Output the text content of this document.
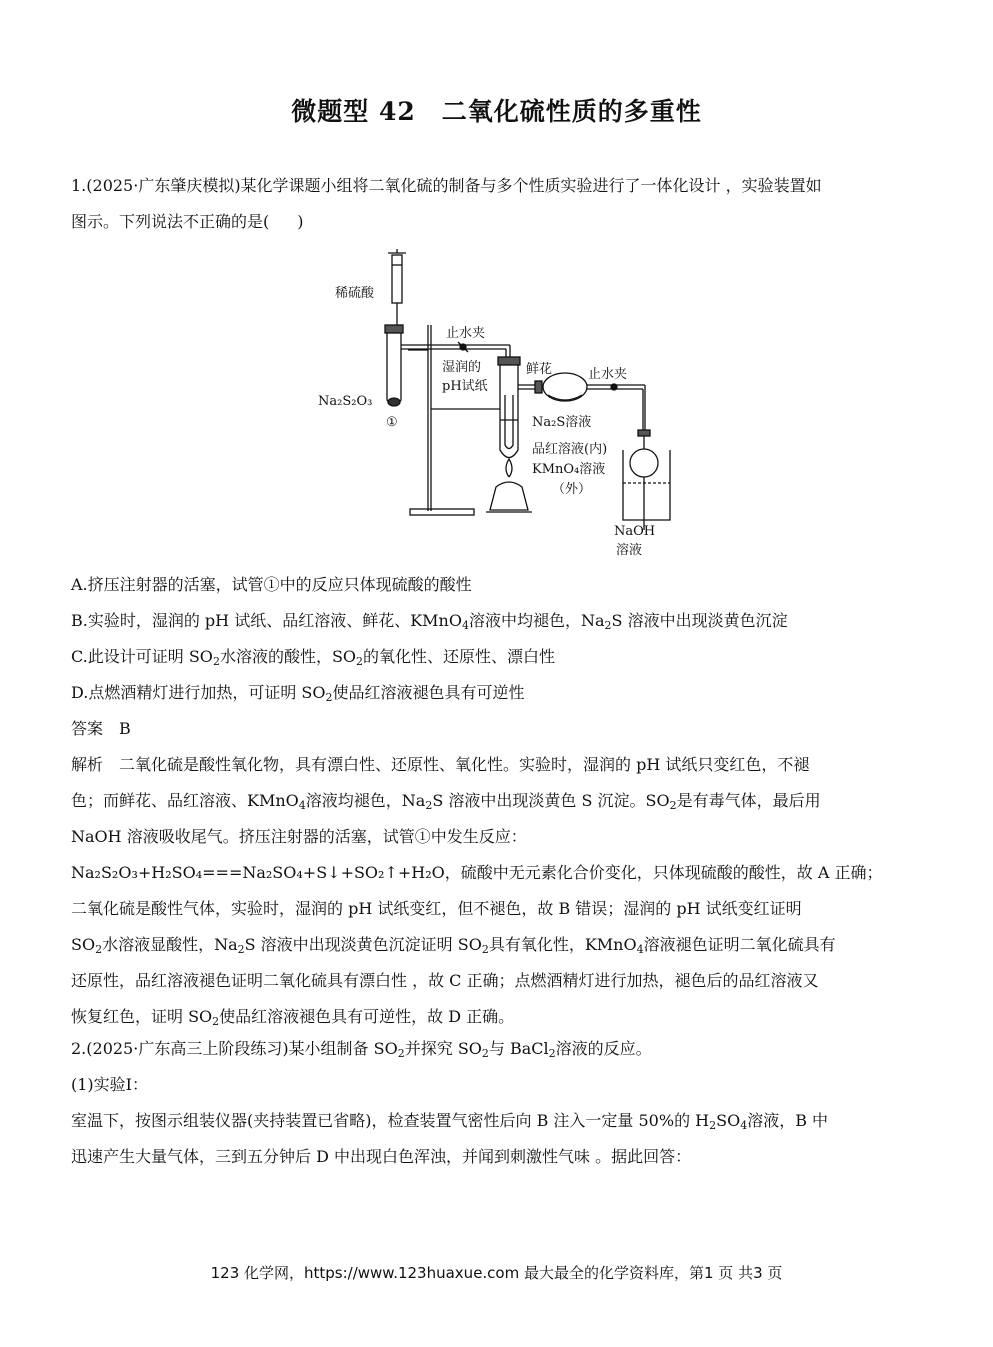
微题型 42　二氧化硫性质的多重性
1.(2025·广东肇庆模拟)某化学课题小组将二氧化硫的制备与多个性质实验进行了一体化设计 ，实验装置如
图示。下列说法不正确的是( )
稀硫酸
止水夹
湿润的
pH试纸
鲜花	止水夹
Na₂S₂O₃
①	Na₂S溶液
品红溶液(内)
KMnO₄溶液
（外）
NaOH
溶液
A.挤压注射器的活塞，试管①中的反应只体现硫酸的酸性
B.实验时，湿润的 pH 试纸、品红溶液、鲜花、KMnO$_4$溶液中均褪色，$Na_2S$ 溶液中出现淡黄色沉淀
C.此设计可证明 $SO_2$水溶液的酸性，$SO_2$的氧化性、还原性、漂白性
D.点燃酒精灯进行加热，可证明 $SO_2$使品红溶液褪色具有可逆性
答案　B
解析　二氧化硫是酸性氧化物，具有漂白性、还原性、氧化性。实验时，湿润的 pH 试纸只变红色，不褪
色；而鲜花、品红溶液、KMnO$_4$溶液均褪色，$Na_2S$ 溶液中出现淡黄色 S 沉淀。$SO_2$是有毒气体，最后用
NaOH 溶液吸收尾气。挤压注射器的活塞，试管①中发生反应：
Na₂S₂O₃+H₂SO₄===Na₂SO₄+S↓+SO₂↑+H₂O，硫酸中无元素化合价变化，只体现硫酸的酸性，故 A 正确；
二氧化硫是酸性气体，实验时，湿润的 pH 试纸变红，但不褪色，故 B 错误；湿润的 pH 试纸变红证明
$SO_2$水溶液显酸性，$Na_2S$ 溶液中出现淡黄色沉淀证明 $SO_2$具有氧化性，KMnO$_4$溶液褪色证明二氧化硫具有
还原性，品红溶液褪色证明二氧化硫具有漂白性 ，故 C 正确；点燃酒精灯进行加热，褪色后的品红溶液又
恢复红色，证明 $SO_2$使品红溶液褪色具有可逆性，故 D 正确。
2.(2025·广东高三上阶段练习)某小组制备 $SO_2$并探究 $SO_2$与 BaCl$_2$溶液的反应。
(1)实验Ⅰ：
室温下，按图示组装仪器(夹持装置已省略)，检查装置气密性后向 B 注入一定量 50%的 $H_2SO_4$溶液，B 中
迅速产生大量气体，三到五分钟后 D 中出现白色浑浊，并闻到刺激性气味 。据此回答：
123 化学网，https://www.123huaxue.com 最大最全的化学资料库，第1 页 共3 页
